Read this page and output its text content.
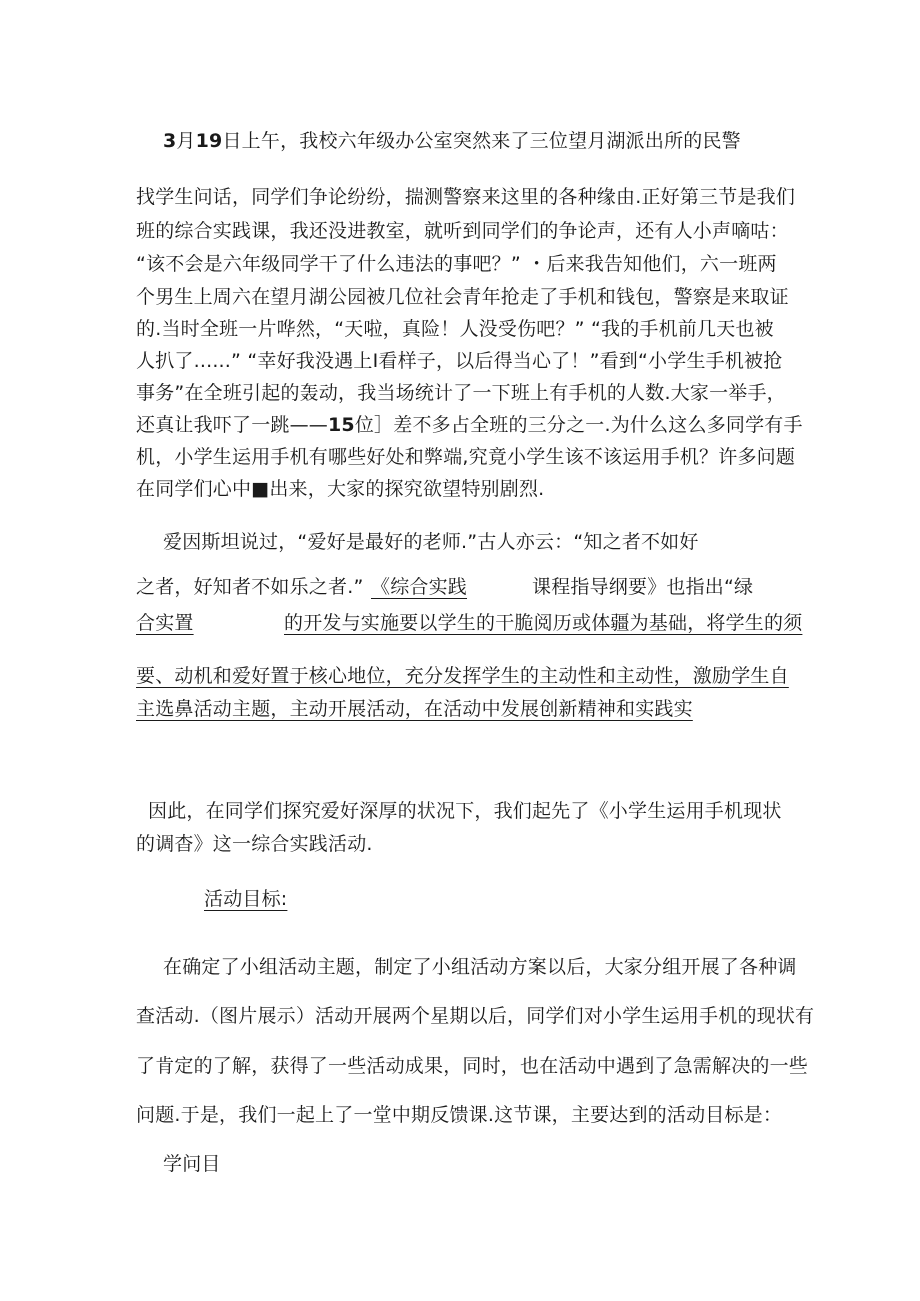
3月19日上午，我校六年级办公室突然来了三位望月湖派出所的民警
找学生问话，同学们争论纷纷，揣测警察来这里的各种缘由.正好第三节是我们
班的综合实践课，我还没进教室，就听到同学们的争论声，还有人小声嘀咕：
“该不会是六年级同学干了什么违法的事吧？” ・后来我告知他们，六一班两
个男生上周六在望月湖公园被几位社会青年抢走了手机和钱包，警察是来取证
的.当时全班一片哗然，“天啦，真险！人没受伤吧？” “我的手机前几天也被
人扒了......” “幸好我没遇上I看样子，以后得当心了！”看到“小学生手机被抢
事务”在全班引起的轰动，我当场统计了一下班上有手机的人数.大家一举手，
还真让我吓了一跳——15位］差不多占全班的三分之一.为什么这么多同学有手
机，小学生运用手机有哪些好处和弊端,究竟小学生该不该运用手机？许多问题
在同学们心中■出来，大家的探究欲望特别剧烈.
爱因斯坦说过，“爱好是最好的老师.”古人亦云：“知之者不如好
之者，好知者不如乐之者.” 《综合实践	课程指导纲要》也指出“绿
合实置	的开发与实施要以学生的干脆阅历或体疆为基础，将学生的须
要、动机和爱好置于核心地位，充分发挥学生的主动性和主动性，激励学生自
主选鼻活动主题，主动开展活动，在活动中发展创新精神和实践实
因此，在同学们探究爱好深厚的状况下，我们起先了《小学生运用手机现状
的调杳》这一综合实践活动.
活动目标:
在确定了小组活动主题，制定了小组活动方案以后，大家分组开展了各种调
查活动.（图片展示）活动开展两个星期以后，同学们对小学生运用手机的现状有
了肯定的了解，获得了一些活动成果，同时，也在活动中遇到了急需解决的一些
问题.于是，我们一起上了一堂中期反馈课.这节课，主要达到的活动目标是：
学问目
